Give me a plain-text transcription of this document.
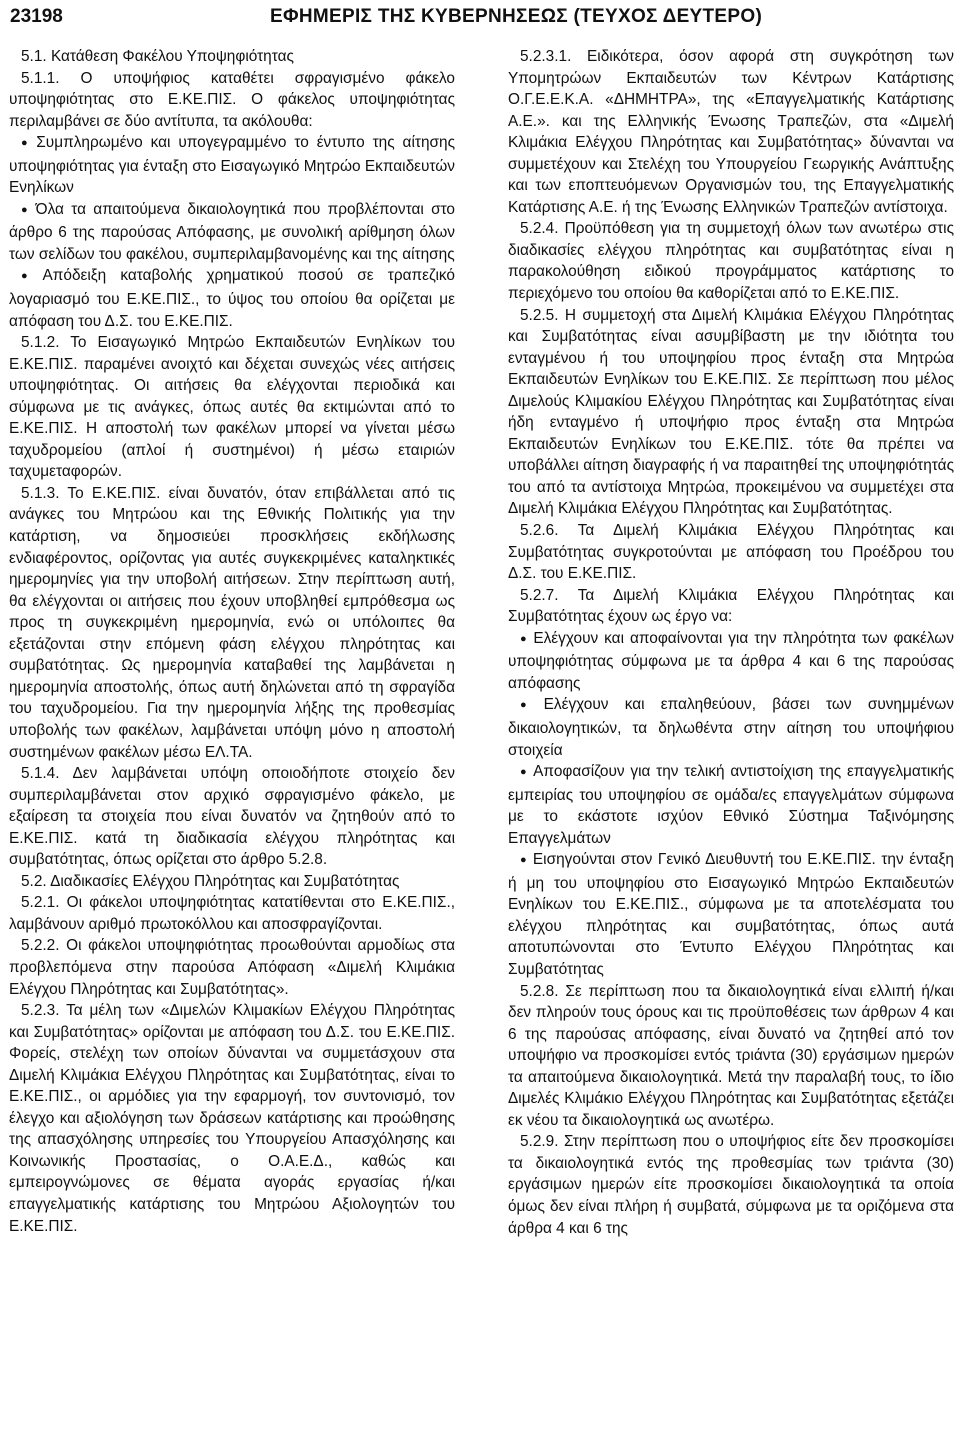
23198	ΕΦΗΜΕΡΙΣ ΤΗΣ ΚΥΒΕΡΝΗΣΕΩΣ (ΤΕΥΧΟΣ ΔΕΥΤΕΡΟ)

5.1. Κατάθεση Φακέλου Υποψηφιότητας

5.1.1. Ο υποψήφιος καταθέτει σφραγισμένο φάκελο υποψηφιότητας στο Ε.ΚΕ.ΠΙΣ. Ο φάκελος υποψηφιότητας περιλαμβάνει σε δύο αντίτυπα, τα ακόλουθα:

● Συμπληρωμένο και υπογεγραμμένο το έντυπο της αίτησης υποψηφιότητας για ένταξη στο Εισαγωγικό Μητρώο Εκπαιδευτών Ενηλίκων

● Όλα τα απαιτούμενα δικαιολογητικά που προβλέπονται στο άρθρο 6 της παρούσας Απόφασης, με συνολική αρίθμηση όλων των σελίδων του φακέλου, συμπεριλαμβανομένης και της αίτησης

● Απόδειξη καταβολής χρηματικού ποσού σε τραπεζικό λογαριασμό του Ε.ΚΕ.ΠΙΣ., το ύψος του οποίου θα ορίζεται με απόφαση του Δ.Σ. του Ε.ΚΕ.ΠΙΣ.

5.1.2. Το Εισαγωγικό Μητρώο Εκπαιδευτών Ενηλίκων του Ε.ΚΕ.ΠΙΣ. παραμένει ανοιχτό και δέχεται συνεχώς νέες αιτήσεις υποψηφιότητας. Οι αιτήσεις θα ελέγχονται περιοδικά και σύμφωνα με τις ανάγκες, όπως αυτές θα εκτιμώνται από το Ε.ΚΕ.ΠΙΣ. Η αποστολή των φακέλων μπορεί να γίνεται μέσω ταχυδρομείου (απλοί ή συστημένοι) ή μέσω εταιριών ταχυμεταφορών.

5.1.3. Το Ε.ΚΕ.ΠΙΣ. είναι δυνατόν, όταν επιβάλλεται από τις ανάγκες του Μητρώου και της Εθνικής Πολιτικής για την κατάρτιση, να δημοσιεύει προσκλήσεις εκδήλωσης ενδιαφέροντος, ορίζοντας για αυτές συγκεκριμένες καταληκτικές ημερομηνίες για την υποβολή αιτήσεων. Στην περίπτωση αυτή, θα ελέγχονται οι αιτήσεις που έχουν υποβληθεί εμπρόθεσμα ως προς τη συγκεκριμένη ημερομηνία, ενώ οι υπόλοιπες θα εξετάζονται στην επόμενη φάση ελέγχου πληρότητας και συμβατότητας. Ως ημερομηνία καταβαθεί της λαμβάνεται η ημερομηνία αποστολής, όπως αυτή δηλώνεται από τη σφραγίδα του ταχυδρομείου. Για την ημερομηνία λήξης της προθεσμίας υποβολής των φακέλων, λαμβάνεται υπόψη μόνο η αποστολή συστημένων φακέλων μέσω ΕΛ.ΤΑ.

5.1.4. Δεν λαμβάνεται υπόψη οποιοδήποτε στοιχείο δεν συμπεριλαμβάνεται στον αρχικό σφραγισμένο φάκελο, με εξαίρεση τα στοιχεία που είναι δυνατόν να ζητηθούν από το Ε.ΚΕ.ΠΙΣ. κατά τη διαδικασία ελέγχου πληρότητας και συμβατότητας, όπως ορίζεται στο άρθρο 5.2.8.

5.2. Διαδικασίες Ελέγχου Πληρότητας και Συμβατότητας

5.2.1. Οι φάκελοι υποψηφιότητας κατατίθενται στο Ε.ΚΕ.ΠΙΣ., λαμβάνουν αριθμό πρωτοκόλλου και αποσφραγίζονται.

5.2.2. Οι φάκελοι υποψηφιότητας προωθούνται αρμοδίως στα προβλεπόμενα στην παρούσα Απόφαση «Διμελή Κλιμάκια Ελέγχου Πληρότητας και Συμβατότητας».

5.2.3. Τα μέλη των «Διμελών Κλιμακίων Ελέγχου Πληρότητας και Συμβατότητας» ορίζονται με απόφαση του Δ.Σ. του Ε.ΚΕ.ΠΙΣ. Φορείς, στελέχη των οποίων δύνανται να συμμετάσχουν στα Διμελή Κλιμάκια Ελέγχου Πληρότητας και Συμβατότητας, είναι το Ε.ΚΕ.ΠΙΣ., οι αρμόδιες για την εφαρμογή, τον συντονισμό, τον έλεγχο και αξιολόγηση των δράσεων κατάρτισης και προώθησης της απασχόλησης υπηρεσίες του Υπουργείου Απασχόλησης και Κοινωνικής Προστασίας, ο Ο.Α.Ε.Δ., καθώς και εμπειρογνώμονες σε θέματα αγοράς εργασίας ή/και επαγγελματικής κατάρτισης του Μητρώου Αξιολογητών του Ε.ΚΕ.ΠΙΣ.

5.2.3.1. Ειδικότερα, όσον αφορά στη συγκρότηση των Υπομητρώων Εκπαιδευτών των Κέντρων Κατάρτισης Ο.Γ.Ε.Ε.Κ.Α. «ΔΗΜΗΤΡΑ», της «Επαγγελματικής Κατάρτισης Α.Ε.». και της Ελληνικής Ένωσης Τραπεζών, στα «Διμελή Κλιμάκια Ελέγχου Πληρότητας και Συμβατότητας» δύνανται να συμμετέχουν και Στελέχη του Υπουργείου Γεωργικής Ανάπτυξης και των εποπτευόμενων Οργανισμών του, της Επαγγελματικής Κατάρτισης Α.Ε. ή της Ένωσης Ελληνικών Τραπεζών αντίστοιχα.

5.2.4. Προϋπόθεση για τη συμμετοχή όλων των ανωτέρω στις διαδικασίες ελέγχου πληρότητας και συμβατότητας είναι η παρακολούθηση ειδικού προγράμματος κατάρτισης το περιεχόμενο του οποίου θα καθορίζεται από το Ε.ΚΕ.ΠΙΣ.

5.2.5. Η συμμετοχή στα Διμελή Κλιμάκια Ελέγχου Πληρότητας και Συμβατότητας είναι ασυμβίβαστη με την ιδιότητα του ενταγμένου ή του υποψηφίου προς ένταξη στα Μητρώα Εκπαιδευτών Ενηλίκων του Ε.ΚΕ.ΠΙΣ. Σε περίπτωση που μέλος Διμελούς Κλιμακίου Ελέγχου Πληρότητας και Συμβατότητας είναι ήδη ενταγμένο ή υποψήφιο προς ένταξη στα Μητρώα Εκπαιδευτών Ενηλίκων του Ε.ΚΕ.ΠΙΣ. τότε θα πρέπει να υποβάλλει αίτηση διαγραφής ή να παραιτηθεί της υποψηφιότητάς του από τα αντίστοιχα Μητρώα, προκειμένου να συμμετέχει στα Διμελή Κλιμάκια Ελέγχου Πληρότητας και Συμβατότητας.

5.2.6. Τα Διμελή Κλιμάκια Ελέγχου Πληρότητας και Συμβατότητας συγκροτούνται με απόφαση του Προέδρου του Δ.Σ. του Ε.ΚΕ.ΠΙΣ.

5.2.7. Τα Διμελή Κλιμάκια Ελέγχου Πληρότητας και Συμβατότητας έχουν ως έργο να:

● Ελέγχουν και αποφαίνονται για την πληρότητα των φακέλων υποψηφιότητας σύμφωνα με τα άρθρα 4 και 6 της παρούσας απόφασης

● Ελέγχουν και επαληθεύουν, βάσει των συνημμένων δικαιολογητικών, τα δηλωθέντα στην αίτηση του υποψήφιου στοιχεία

● Αποφασίζουν για την τελική αντιστοίχιση της επαγγελματικής εμπειρίας του υποψηφίου σε ομάδα/ες επαγγελμάτων σύμφωνα με το εκάστοτε ισχύον Εθνικό Σύστημα Ταξινόμησης Επαγγελμάτων

● Εισηγούνται στον Γενικό Διευθυντή του Ε.ΚΕ.ΠΙΣ. την ένταξη ή μη του υποψηφίου στο Εισαγωγικό Μητρώο Εκπαιδευτών Ενηλίκων του Ε.ΚΕ.ΠΙΣ., σύμφωνα με τα αποτελέσματα του ελέγχου πληρότητας και συμβατότητας, όπως αυτά αποτυπώνονται στο Έντυπο Ελέγχου Πληρότητας και Συμβατότητας

5.2.8. Σε περίπτωση που τα δικαιολογητικά είναι ελλιπή ή/και δεν πληρούν τους όρους και τις προϋποθέσεις των άρθρων 4 και 6 της παρούσας απόφασης, είναι δυνατό να ζητηθεί από τον υποψήφιο να προσκομίσει εντός τριάντα (30) εργάσιμων ημερών τα απαιτούμενα δικαιολογητικά. Μετά την παραλαβή τους, το ίδιο Διμελές Κλιμάκιο Ελέγχου Πληρότητας και Συμβατότητας εξετάζει εκ νέου τα δικαιολογητικά ως ανωτέρω.

5.2.9. Στην περίπτωση που ο υποψήφιος είτε δεν προσκομίσει τα δικαιολογητικά εντός της προθεσμίας των τριάντα (30) εργάσιμων ημερών είτε προσκομίσει δικαιολογητικά τα οποία όμως δεν είναι πλήρη ή συμβατά, σύμφωνα με τα οριζόμενα στα άρθρα 4 και 6 της
